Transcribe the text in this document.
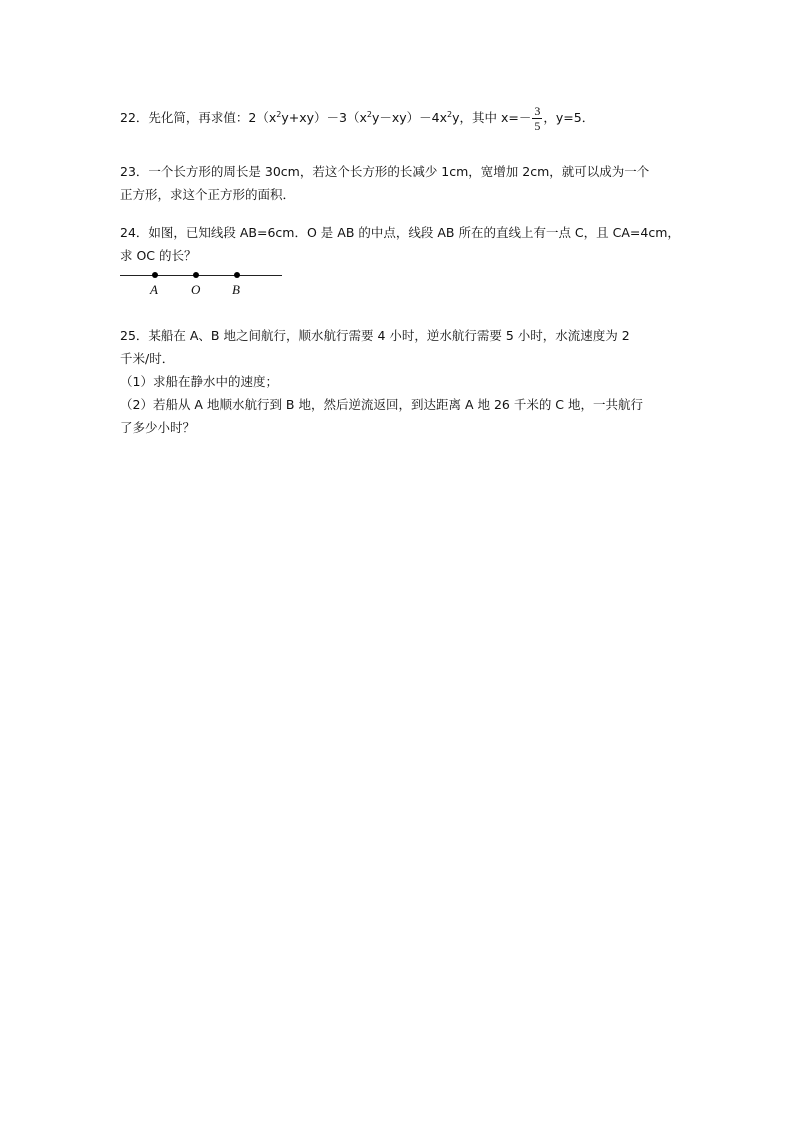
22．先化简，再求值：$2(x^2y+xy)-3(x^2y-xy)-4x^2y$，其中 $x=- \frac{3}{5}$ ，y=5．
23．一个长方形的周长是 30cm，若这个长方形的长减少 1cm，宽增加 2cm，就可以成为一个
正方形，求这个正方形的面积．
24．如图，已知线段 AB=6cm．O 是 AB 的中点，线段 AB 所在的直线上有一点 C，且 CA=4cm，
求 OC 的长？
A	O B
25．某船在 A、B 地之间航行，顺水航行需要 4 小时，逆水航行需要 5 小时，水流速度为 2
千米/时．
（1）求船在静水中的速度；
（2）若船从 A 地顺水航行到 B 地，然后逆流返回，到达距离 A 地 26 千米的 C 地，一共航行
了多少小时？
